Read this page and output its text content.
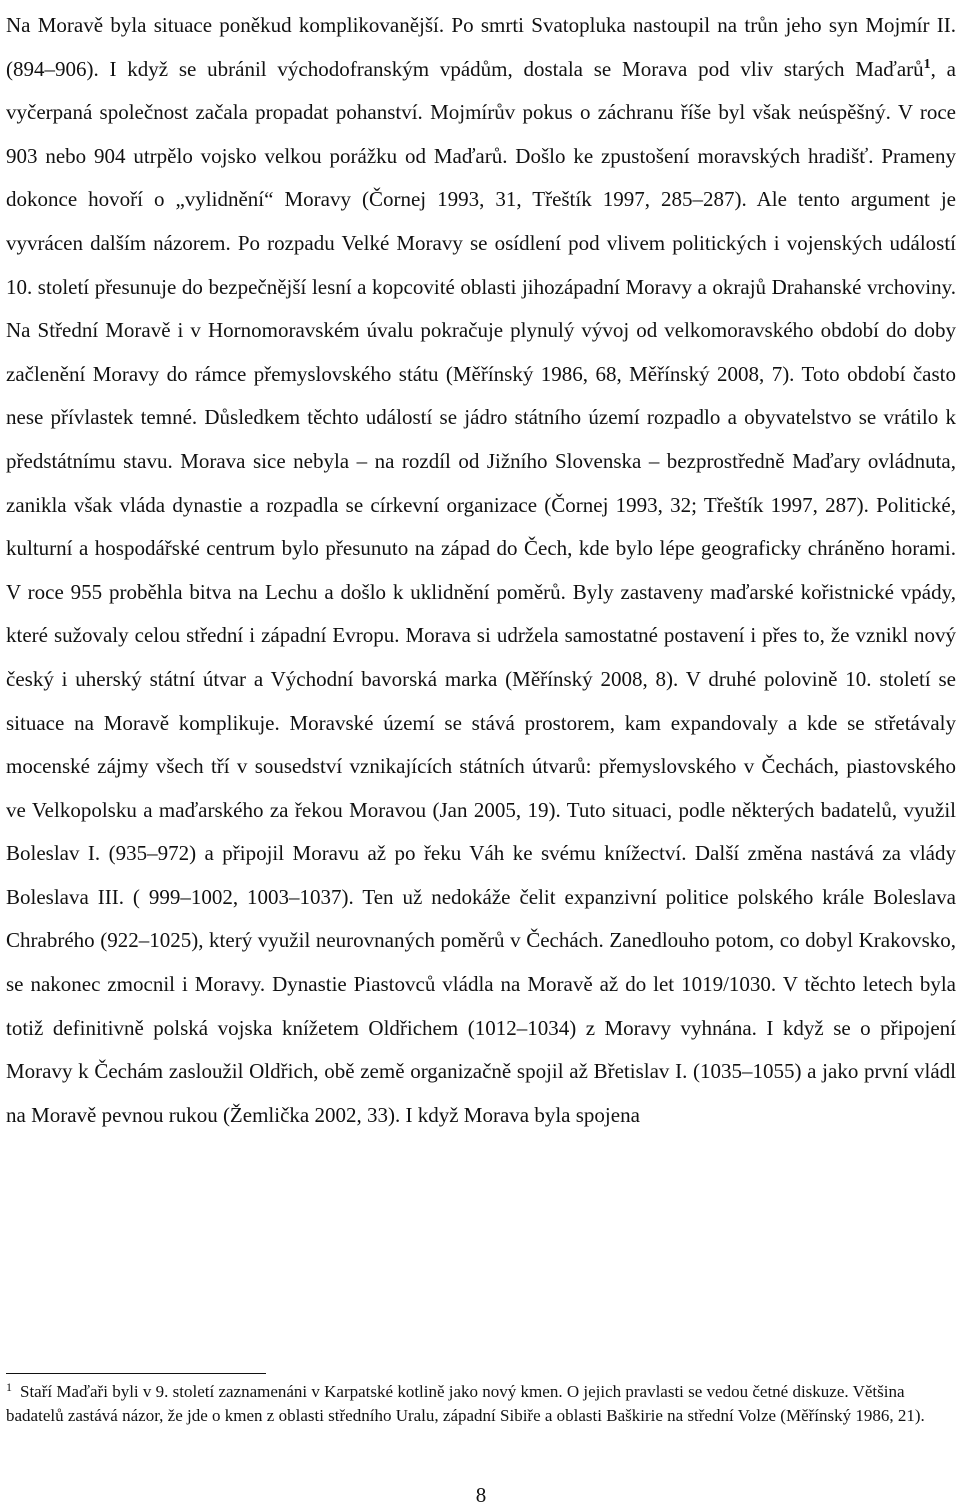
Na Moravě byla situace poněkud komplikovanější. Po smrti Svatopluka nastoupil na trůn jeho syn Mojmír II. (894–906). I když se ubránil východofranským vpádům, dostala se Morava pod vliv starých Maďarů$^1$, a vyčerpaná společnost začala propadat pohanství. Mojmírův pokus o záchranu říše byl však neúspěšný. V roce 903 nebo 904 utrpělo vojsko velkou porážku od Maďarů. Došlo ke zpustošení moravských hradišť. Prameny dokonce hovoří o „vylidnění“ Moravy (Čornej 1993, 31, Třeštík 1997, 285–287). Ale tento argument je vyvrácen dalším názorem. Po rozpadu Velké Moravy se osídlení pod vlivem politických i vojenských událostí 10. století přesunuje do bezpečnější lesní a kopcovité oblasti jihozápadní Moravy a okrajů Drahanské vrchoviny. Na Střední Moravě i v Hornomoravském úvalu pokračuje plynulý vývoj od velkomoravského období do doby začlenění Moravy do rámce přemyslovského státu (Měřínský 1986, 68, Měřínský 2008, 7). Toto období často nese přívlastek temné. Důsledkem těchto událostí se jádro státního území rozpadlo a obyvatelstvo se vrátilo k předstátnímu stavu. Morava sice nebyla – na rozdíl od Jižního Slovenska – bezprostředně Maďary ovládnuta, zanikla však vláda dynastie a rozpadla se církevní organizace (Čornej 1993, 32; Třeštík 1997, 287). Politické, kulturní a hospodářské centrum bylo přesunuto na západ do Čech, kde bylo lépe geograficky chráněno horami. V roce 955 proběhla bitva na Lechu a došlo k uklidnění poměrů. Byly zastaveny maďarské kořistnické vpády, které sužovaly celou střední i západní Evropu. Morava si udržela samostatné postavení i přes to, že vznikl nový český i uherský státní útvar a Východní bavorská marka (Měřínský 2008, 8). V druhé polovině 10. století se situace na Moravě komplikuje. Moravské území se stává prostorem, kam expandovaly a kde se střetávaly mocenské zájmy všech tří v sousedství vznikajících státních útvarů: přemyslovského v Čechách, piastovského ve Velkopolsku a maďarského za řekou Moravou (Jan 2005, 19). Tuto situaci, podle některých badatelů, využil Boleslav I. (935–972) a připojil Moravu až po řeku Váh ke svému knížectví. Další změna nastává za vlády Boleslava III. ( 999–1002, 1003–1037). Ten už nedokáže čelit expanzivní politice polského krále Boleslava Chrabrého (922–1025), který využil neurovnaných poměrů v Čechách. Zanedlouho potom, co dobyl Krakovsko, se nakonec zmocnil i Moravy. Dynastie Piastovců vládla na Moravě až do let 1019/1030. V těchto letech byla totiž definitivně polská vojska knížetem Oldřichem (1012–1034) z Moravy vyhnána. I když se o připojení Moravy k Čechám zasloužil Oldřich, obě země organizačně spojil až Břetislav I. (1035–1055) a jako první vládl na Moravě pevnou rukou (Žemlička 2002, 33). I když Morava byla spojena

$^1$ Staří Maďaři byli v 9. století zaznamenáni v Karpatské kotlině jako nový kmen. O jejich pravlasti se vedou četné diskuze. Většina badatelů zastává názor, že jde o kmen z oblasti středního Uralu, západní Sibiře a oblasti Baškirie na střední Volze (Měřínský 1986, 21).

8
